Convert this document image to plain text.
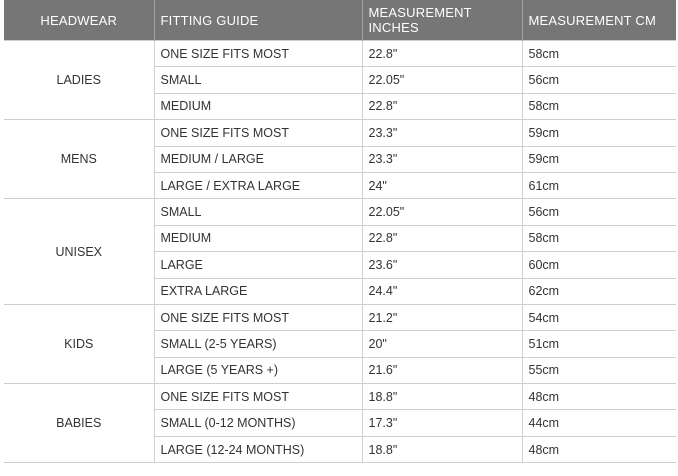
HEADWEAR	FITTING GUIDE	MEASUREMENT INCHES	MEASUREMENT CM
LADIES	ONE SIZE FITS MOST	22.8"	58cm
	SMALL	22.05"	56cm
	MEDIUM	22.8"	58cm
MENS	ONE SIZE FITS MOST	23.3"	59cm
	MEDIUM / LARGE	23.3"	59cm
	LARGE / EXTRA LARGE	24"	61cm
UNISEX	SMALL	22.05"	56cm
	MEDIUM	22.8"	58cm
	LARGE	23.6"	60cm
	EXTRA LARGE	24.4"	62cm
KIDS	ONE SIZE FITS MOST	21.2"	54cm
	SMALL (2-5 YEARS)	20"	51cm
	LARGE (5 YEARS +)	21.6"	55cm
BABIES	ONE SIZE FITS MOST	18.8"	48cm
	SMALL (0-12 MONTHS)	17.3"	44cm
	LARGE (12-24 MONTHS)	18.8"	48cm
